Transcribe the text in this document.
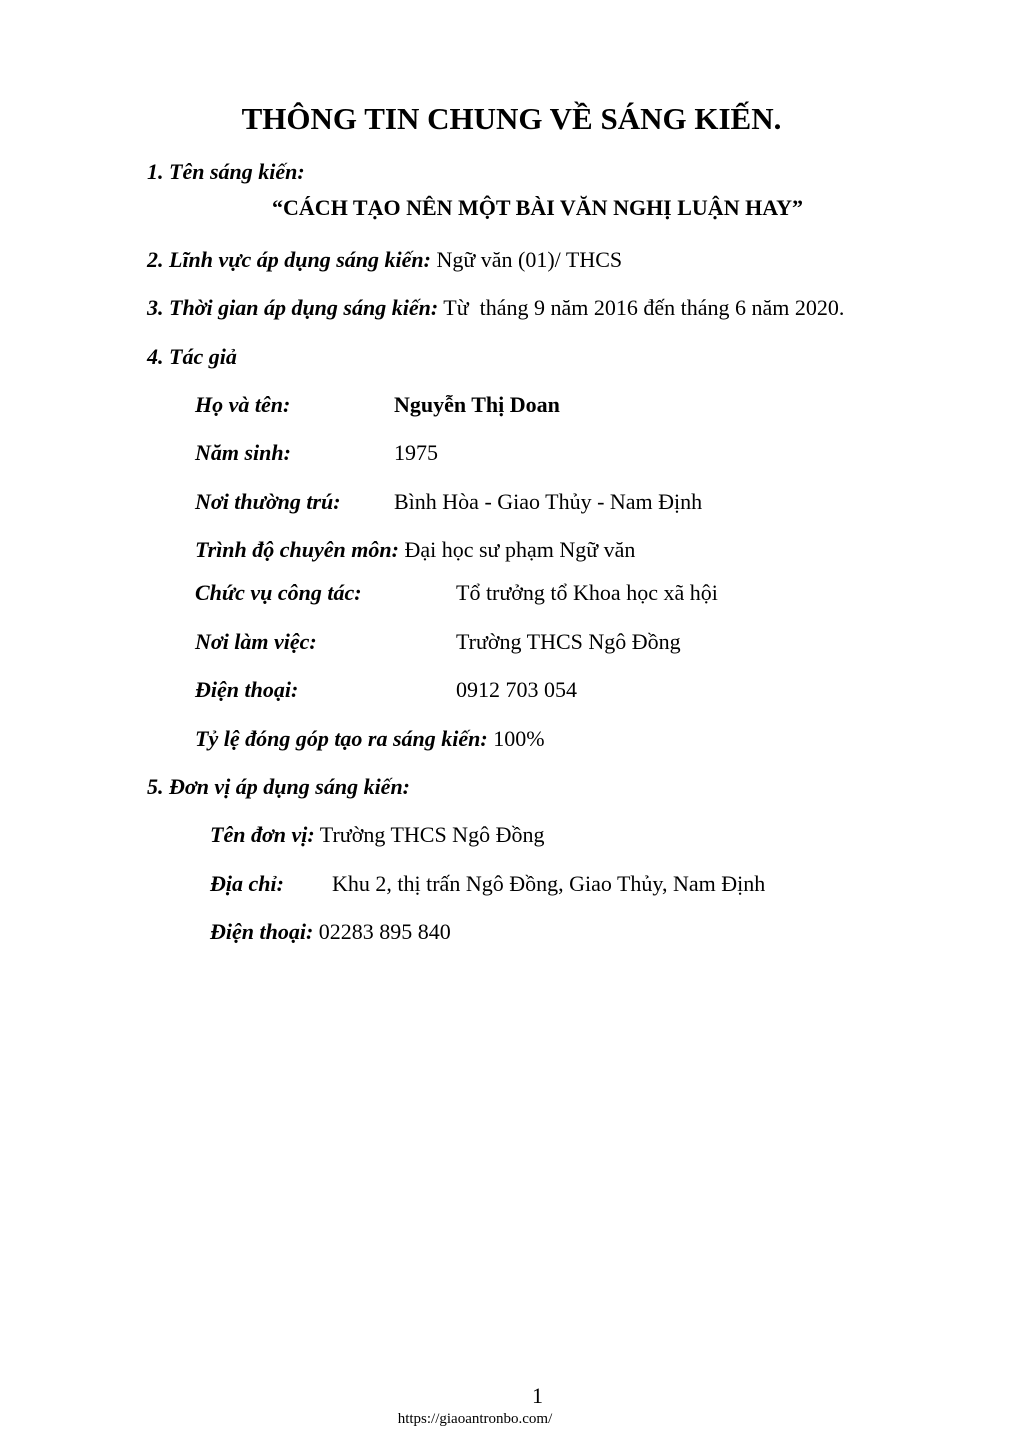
THÔNG TIN CHUNG VỀ SÁNG KIẾN.
1. Tên sáng kiến:
“CÁCH TẠO NÊN MỘT BÀI VĂN NGHỊ LUẬN HAY”
2. Lĩnh vực áp dụng sáng kiến: Ngữ văn (01)/ THCS
3. Thời gian áp dụng sáng kiến: Từ  tháng 9 năm 2016 đến tháng 6 năm 2020.
4. Tác giả
Họ và tên:	Nguyễn Thị Doan
Năm sinh:	1975
Nơi thường trú: Bình Hòa - Giao Thủy - Nam Định
Trình độ chuyên môn: Đại học sư phạm Ngữ văn
Chức vụ công tác:	Tổ trưởng tổ Khoa học xã hội
Nơi làm việc:	Trường THCS Ngô Đồng
Điện thoại:	0912 703 054
Tỷ lệ đóng góp tạo ra sáng kiến: 100%
5. Đơn vị áp dụng sáng kiến:
Tên đơn vị: Trường THCS Ngô Đồng
Địa chỉ: Khu 2, thị trấn Ngô Đồng, Giao Thủy, Nam Định
Điện thoại: 02283 895 840
1
https://giaoantronbo.com/
